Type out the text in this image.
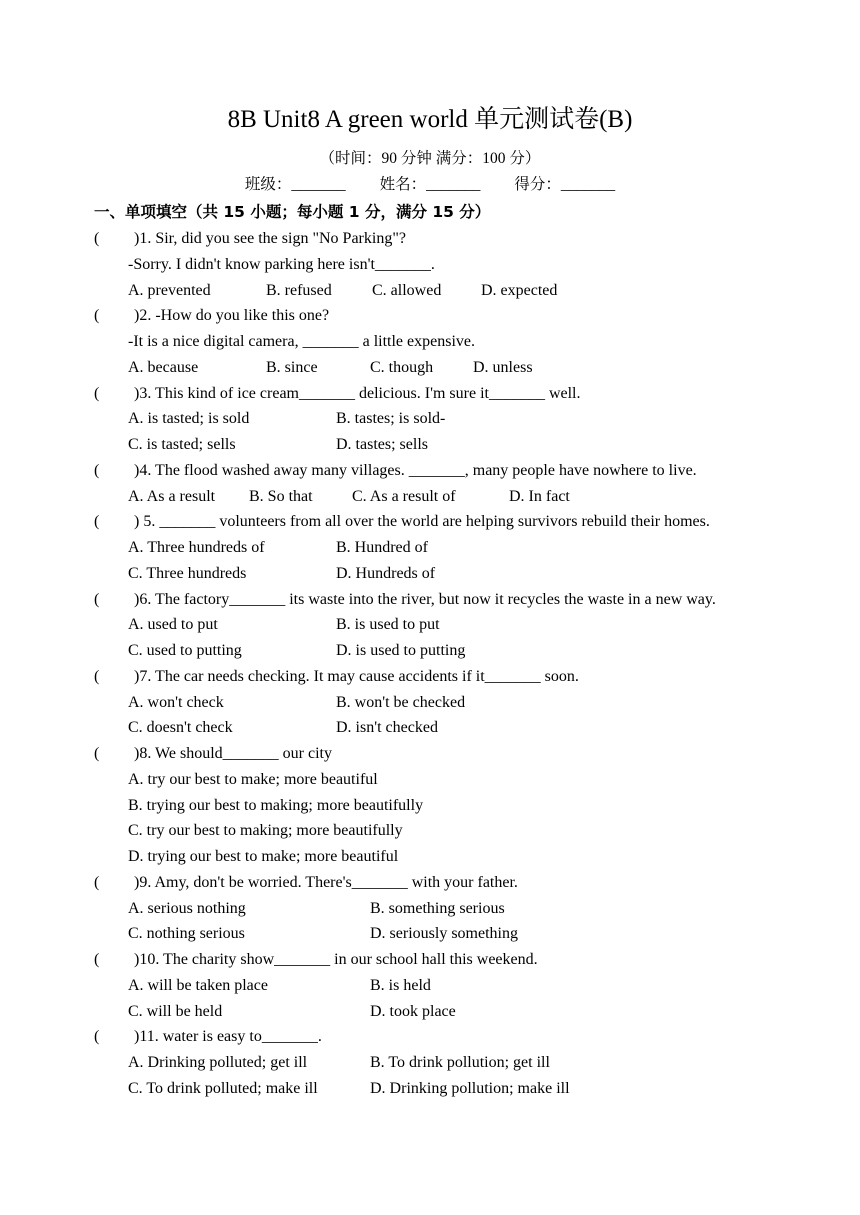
8B Unit8 A green world 单元测试卷(B)
（时间：90 分钟 满分：100 分）
班级：_______ 姓名：_______ 得分：_______
一、单项填空（共 15 小题；每小题 1 分，满分 15 分）
( )1. Sir, did you see the sign "No Parking"?
-Sorry. I didn't know parking here isn't_______.
A. prevented	B. refused	C. allowed D. expected
( )2. -How do you like this one?
-It is a nice digital camera, _______ a little expensive.
A. because	B. since	C. though D. unless
( )3. This kind of ice cream_______ delicious. I'm sure it_______ well.
A. is tasted; is sold	B. tastes; is sold-
C. is tasted; sells	D. tastes; sells
( )4. The flood washed away many villages. _______, many people have nowhere to live.
A. As a result B. So that C. As a result of	D. In fact
( ) 5. _______ volunteers from all over the world are helping survivors rebuild their homes.
A. Three hundreds of	B. Hundred of
C. Three hundreds	D. Hundreds of
( )6. The factory_______ its waste into the river, but now it recycles the waste in a new way.
A. used to put	B. is used to put
C. used to putting	D. is used to putting
( )7. The car needs checking. It may cause accidents if it_______ soon.
A. won't check	B. won't be checked
C. doesn't check	D. isn't checked
( )8. We should_______ our city
A. try our best to make; more beautiful
B. trying our best to making; more beautifully
C. try our best to making; more beautifully
D. trying our best to make; more beautiful
( )9. Amy, don't be worried. There's_______ with your father.
A. serious nothing	B. something serious
C. nothing serious	D. seriously something
( )10. The charity show_______ in our school hall this weekend.
A. will be taken place	B. is held
C. will be held	D. took place
( )11. water is easy to_______.
A. Drinking polluted; get ill	B. To drink pollution; get ill
C. To drink polluted; make ill	D. Drinking pollution; make ill
